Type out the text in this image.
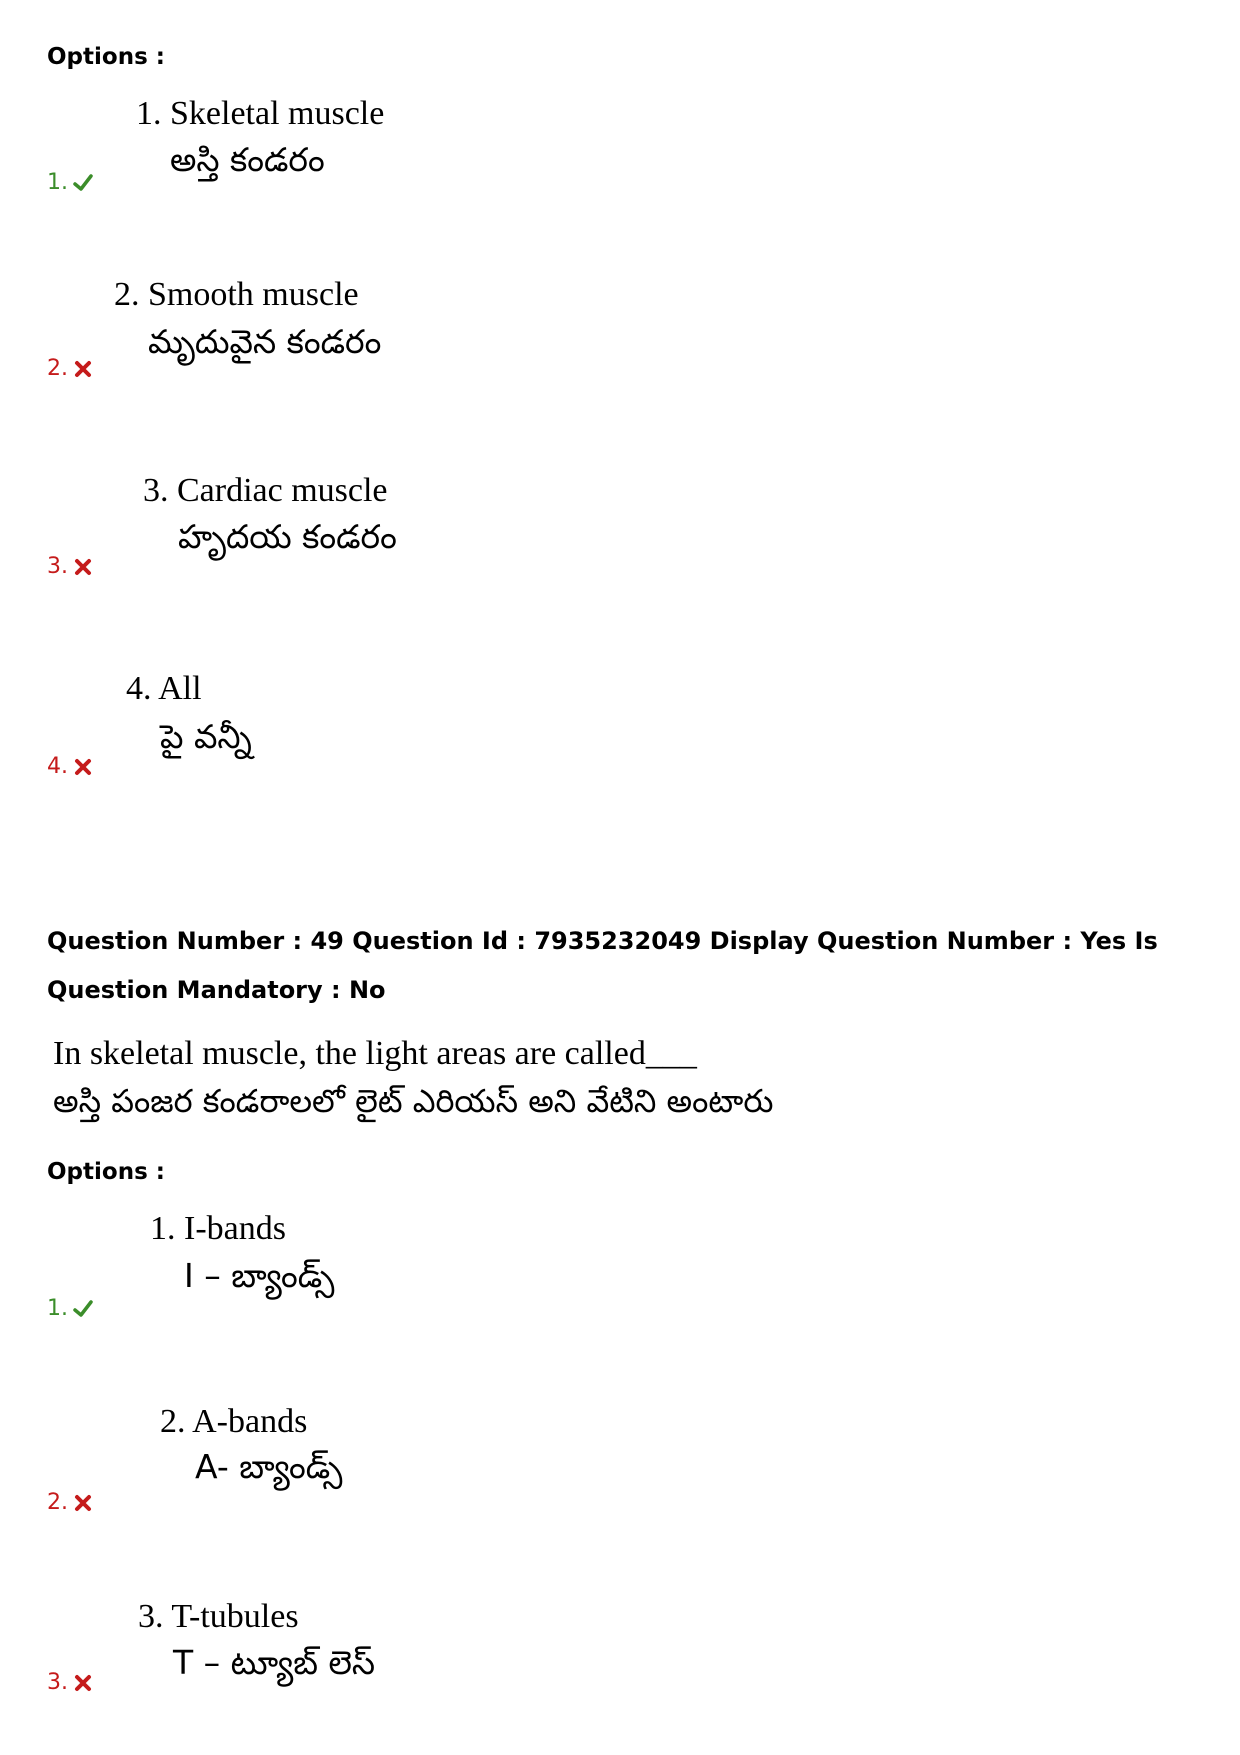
Options :
1. Skeletal muscle
అస్తి కండరం
1.
2. Smooth muscle
మృదువైన కండరం
2.
3. Cardiac muscle
హృదయ కండరం
3.
4. All
పై వన్నీ
4.
Question Number : 49 Question Id : 7935232049 Display Question Number : Yes Is Question Mandatory : No
In skeletal muscle, the light areas are called___
అస్తి పంజర కండరాలలో లైట్ ఎరియస్ అని వేటిని అంటారు
Options :
1. I-bands
I – బ్యాండ్స్
1.
2. A-bands
A- బ్యాండ్స్
2.
3. T-tubules
T – ట్యూబ్ లెస్
3.
